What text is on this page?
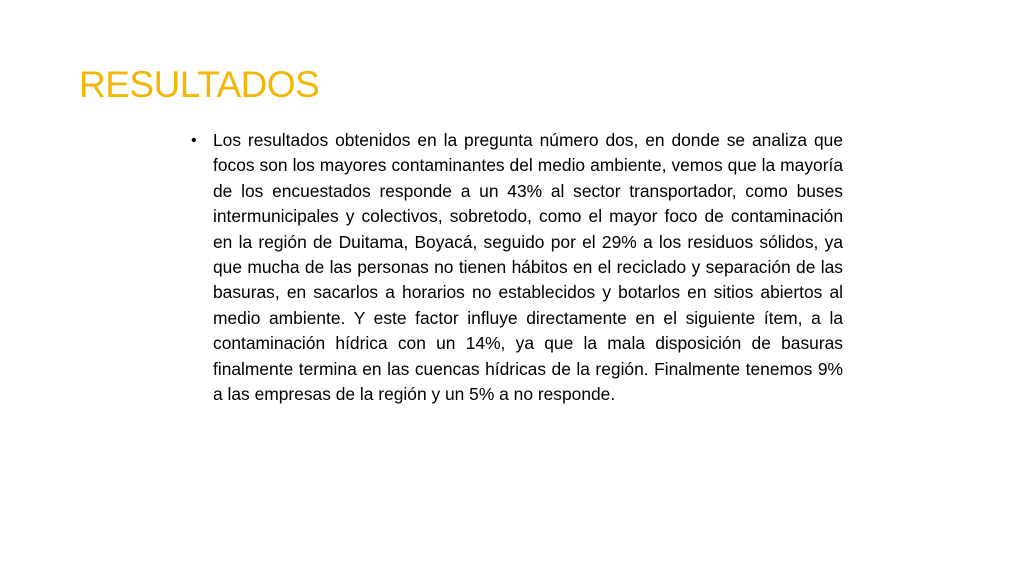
RESULTADOS
• Los resultados obtenidos en la pregunta número dos, en donde se analiza que focos son los mayores contaminantes del medio ambiente, vemos que la mayoría de los encuestados responde a un 43% al sector transportador, como buses intermunicipales y colectivos, sobretodo, como el mayor foco de contaminación en la región de Duitama, Boyacá, seguido por el 29% a los residuos sólidos, ya que mucha de las personas no tienen hábitos en el reciclado y separación de las basuras, en sacarlos a horarios no establecidos y botarlos en sitios abiertos al medio ambiente. Y este factor influye directamente en el siguiente ítem, a la contaminación hídrica con un 14%, ya que la mala disposición de basuras finalmente termina en las cuencas hídricas de la región. Finalmente tenemos 9% a las empresas de la región y un 5% a no responde.
